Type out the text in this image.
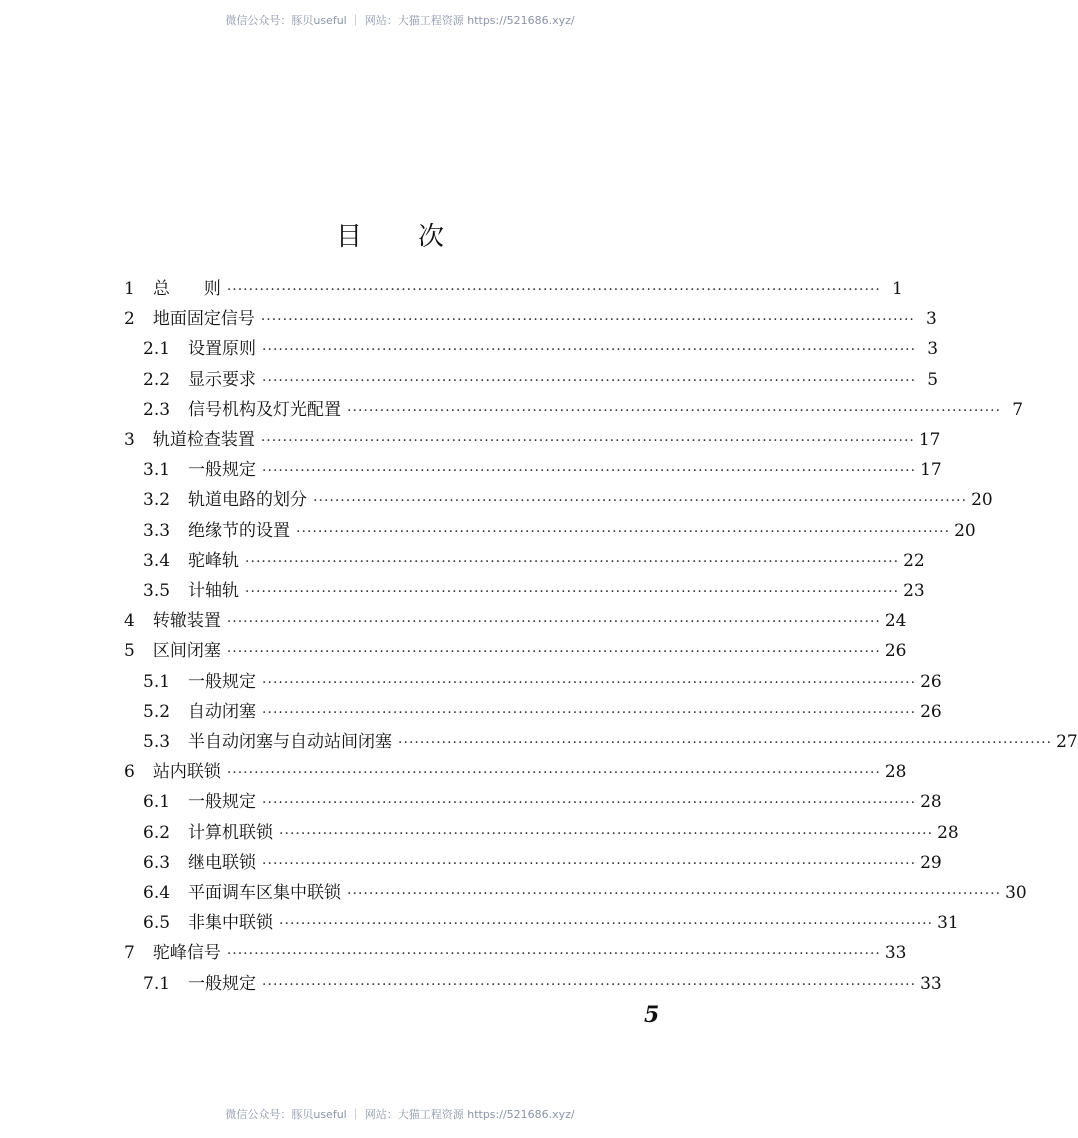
微信公众号：豚贝useful ｜ 网站：大猫工程资源 https://521686.xyz/
目次
1 总　　则 ························································································································ 1
2 地面固定信号 ························································································································ 3
2.1 设置原则 ························································································································ 3
2.2 显示要求 ························································································································ 5
2.3 信号机构及灯光配置 ························································································································ 7
3 轨道检查装置 ························································································································ 17
3.1 一般规定 ························································································································ 17
3.2 轨道电路的划分 ························································································································ 20
3.3 绝缘节的设置 ························································································································ 20
3.4 驼峰轨 ························································································································ 22
3.5 计轴轨 ························································································································ 23
4 转辙装置 ························································································································ 24
5 区间闭塞 ························································································································ 26
5.1 一般规定 ························································································································ 26
5.2 自动闭塞 ························································································································ 26
5.3 半自动闭塞与自动站间闭塞 ························································································································ 27
6 站内联锁 ························································································································ 28
6.1 一般规定 ························································································································ 28
6.2 计算机联锁 ························································································································ 28
6.3 继电联锁 ························································································································ 29
6.4 平面调车区集中联锁 ························································································································ 30
6.5 非集中联锁 ························································································································ 31
7 驼峰信号 ························································································································ 33
7.1 一般规定 ························································································································ 33
5
微信公众号：豚贝useful ｜ 网站：大猫工程资源 https://521686.xyz/
